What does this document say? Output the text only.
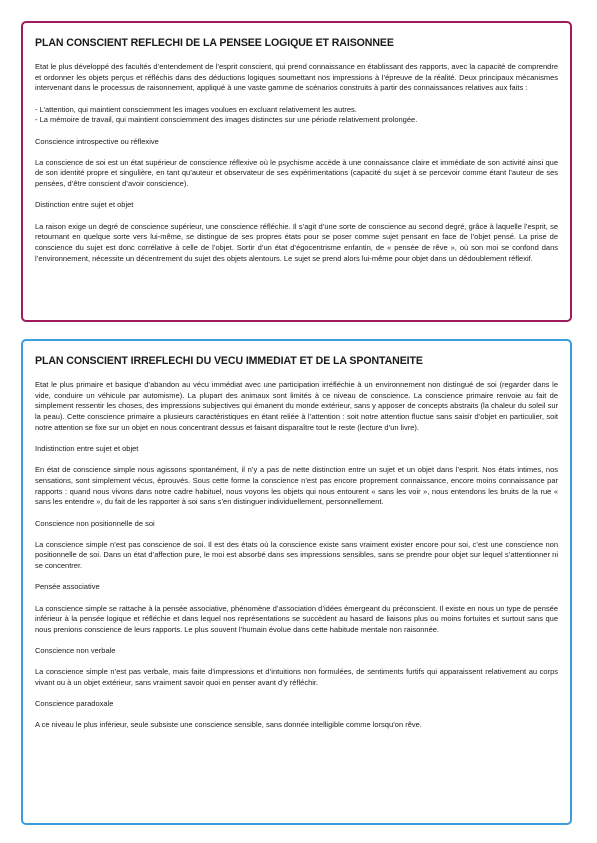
PLAN CONSCIENT REFLECHI DE LA PENSEE LOGIQUE ET RAISONNEE

Etat le plus développé des facultés d’entendement de l’esprit conscient, qui prend connaissance en établissant des rapports, avec la capacité de comprendre et ordonner les objets perçus et réfléchis dans des déductions logiques soumettant nos impressions à l’épreuve de la réalité. Deux principaux mécanismes intervenant dans le processus de raisonnement, appliqué à une vaste gamme de scénarios construits à partir des connaissances relatives aux faits :

- L’attention, qui maintient consciemment les images voulues en excluant relativement les autres.
- La mémoire de travail, qui maintient consciemment des images distinctes sur une période relativement prolongée.
Conscience introspective ou réflexive

La conscience de soi est un état supérieur de conscience réflexive où le psychisme accède à une connaissance claire et immédiate de son activité ainsi que de son identité propre et singulière, en tant qu’auteur et observateur de ses expérimentations (capacité du sujet à se percevoir comme étant l’auteur de ses pensées, d’être conscient d’avoir conscience).

Distinction entre sujet et objet

La raison exige un degré de conscience supérieur, une conscience réfléchie. Il s’agit d’une sorte de conscience au second degré, grâce à laquelle l’esprit, se retournant en quelque sorte vers lui-même, se distingue de ses propres états pour se poser comme sujet pensant en face de l’objet pensé. La prise de conscience du sujet est donc corrélative à celle de l’objet. Sortir d’un état d’égocentrisme enfantin, de « pensée de rêve », où son moi se confond dans l’environnement, nécessite un décentrement du sujet des objets alentours. Le sujet se prend alors lui-même pour objet dans un dédoublement réflexif.

PLAN CONSCIENT IRREFLECHI DU VECU IMMEDIAT ET DE LA SPONTANEITE

Etat le plus primaire et basique d’abandon au vécu immédiat avec une participation irréfléchie à un environnement non distingué de soi (regarder dans le vide, conduire un véhicule par automisme). La plupart des animaux sont limités à ce niveau de conscience. La conscience primaire renvoie au fait de simplement ressentir les choses, des impressions subjectives qui émanent du monde extérieur, sans y apposer de concepts abstraits (la chaleur du soleil sur la peau). Cette conscience primaire a plusieurs caractéristiques en étant reliée à l’attention : soit notre attention fluctue sans saisir d’objet en particulier, soit notre attention se fixe sur un objet en nous concentrant dessus et faisant disparaître tout le reste (lecture d’un livre).

Indistinction entre sujet et objet

En état de conscience simple nous agissons spontanément, il n’y a pas de nette distinction entre un sujet et un objet dans l’esprit. Nos états intimes, nos sensations, sont simplement vécus, éprouvés. Sous cette forme la conscience n’est pas encore proprement connaissance, encore moins connaissance par rapports : quand nous vivons dans notre cadre habituel, nous voyons les objets qui nous entourent « sans les voir », nous entendons les bruits de la rue « sans les entendre », du fait de les rapporter à soi sans s’en distinguer individuellement, personnellement.

Conscience non positionnelle de soi

La conscience simple n’est pas conscience de soi. Il est des états où la conscience existe sans vraiment exister encore pour soi, c’est une conscience non positionnelle de soi. Dans un état d’affection pure, le moi est absorbé dans ses impressions sensibles, sans se prendre pour objet sur lequel s’attentionner ni se concentrer.

Pensée associative

La conscience simple se rattache à la pensée associative, phénomène d’association d’idées émergeant du préconscient. Il existe en nous un type de pensée inférieur à la pensée logique et réfléchie et dans lequel nos représentations se succèdent au hasard de liaisons plus ou moins fortuites et surtout sans que nous prenions conscience de leurs rapports. Le plus souvent l’humain évolue dans cette habitude mentale non raisonnée.

Conscience non verbale

La conscience simple n’est pas verbale, mais faite d’impressions et d’intuitions non formulées, de sentiments furtifs qui apparaissent relativement au corps vivant ou à un objet extérieur, sans vraiment savoir quoi en penser avant d’y réfléchir.

Conscience paradoxale

A ce niveau le plus inférieur, seule subsiste une conscience sensible, sans donnée intelligible comme lorsqu’on rêve.
